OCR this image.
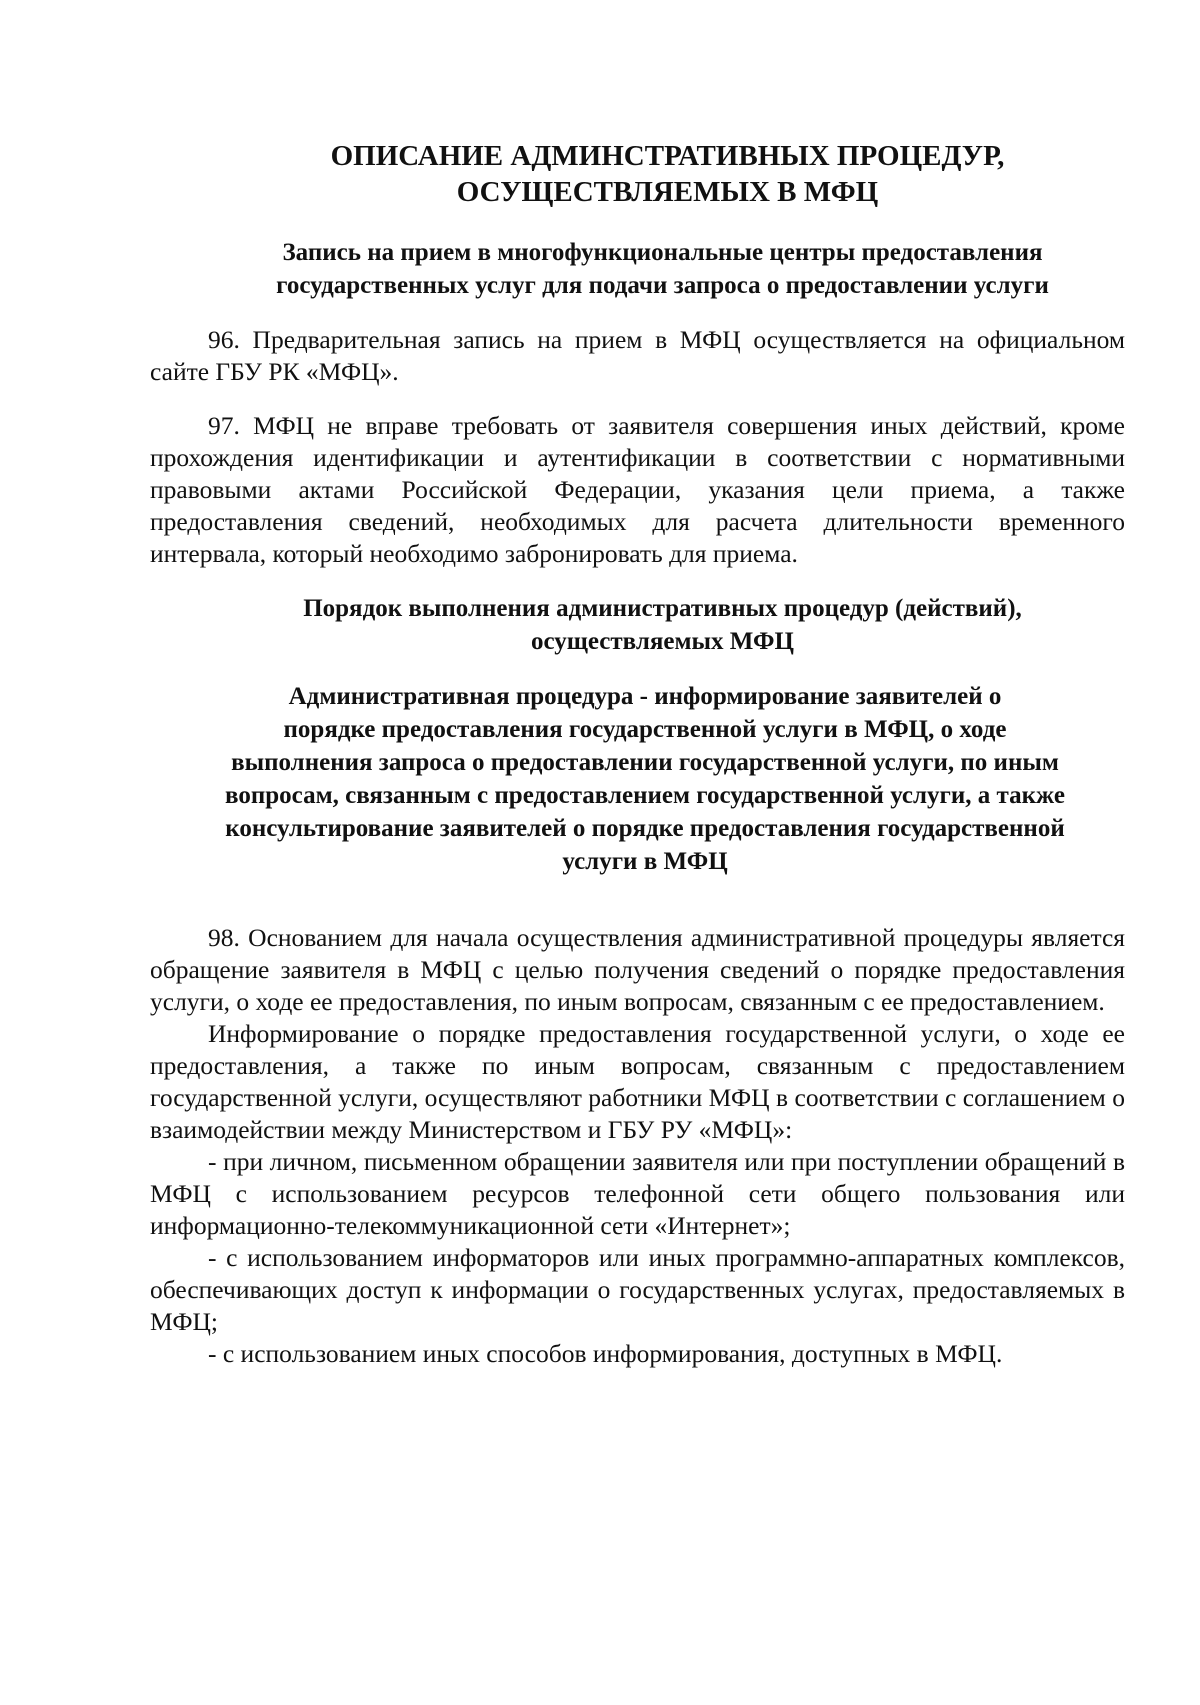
ОПИСАНИЕ АДМИНСТРАТИВНЫХ ПРОЦЕДУР,
ОСУЩЕСТВЛЯЕМЫХ В МФЦ
Запись на прием в многофункциональные центры предоставления
государственных услуг для подачи запроса о предоставлении услуги

96. Предварительная запись на прием в МФЦ осуществляется на официальном сайте ГБУ РК «МФЦ».

97. МФЦ не вправе требовать от заявителя совершения иных действий, кроме прохождения идентификации и аутентификации в соответствии с нормативными правовыми актами Российской Федерации, указания цели приема, а также предоставления сведений, необходимых для расчета длительности временного интервала, который необходимо забронировать для приема.

Порядок выполнения административных процедур (действий),
осуществляемых МФЦ
Административная процедура - информирование заявителей о
порядке предоставления государственной услуги в МФЦ, о ходе
выполнения запроса о предоставлении государственной услуги, по иным
вопросам, связанным с предоставлением государственной услуги, а также
консультирование заявителей о порядке предоставления государственной
услуги в МФЦ

98. Основанием для начала осуществления административной процедуры является обращение заявителя в МФЦ с целью получения сведений о порядке предоставления услуги, о ходе ее предоставления, по иным вопросам, связанным с ее предоставлением.

Информирование о порядке предоставления государственной услуги, о ходе ее предоставления, а также по иным вопросам, связанным с предоставлением государственной услуги, осуществляют работники МФЦ в соответствии с соглашением о взаимодействии между Министерством и ГБУ РУ «МФЦ»:

- при личном, письменном обращении заявителя или при поступлении обращений в МФЦ с использованием ресурсов телефонной сети общего пользования или информационно-телекоммуникационной сети «Интернет»;

- с использованием информаторов или иных программно-аппаратных комплексов, обеспечивающих доступ к информации о государственных услугах, предоставляемых в МФЦ;

- с использованием иных способов информирования, доступных в МФЦ.
